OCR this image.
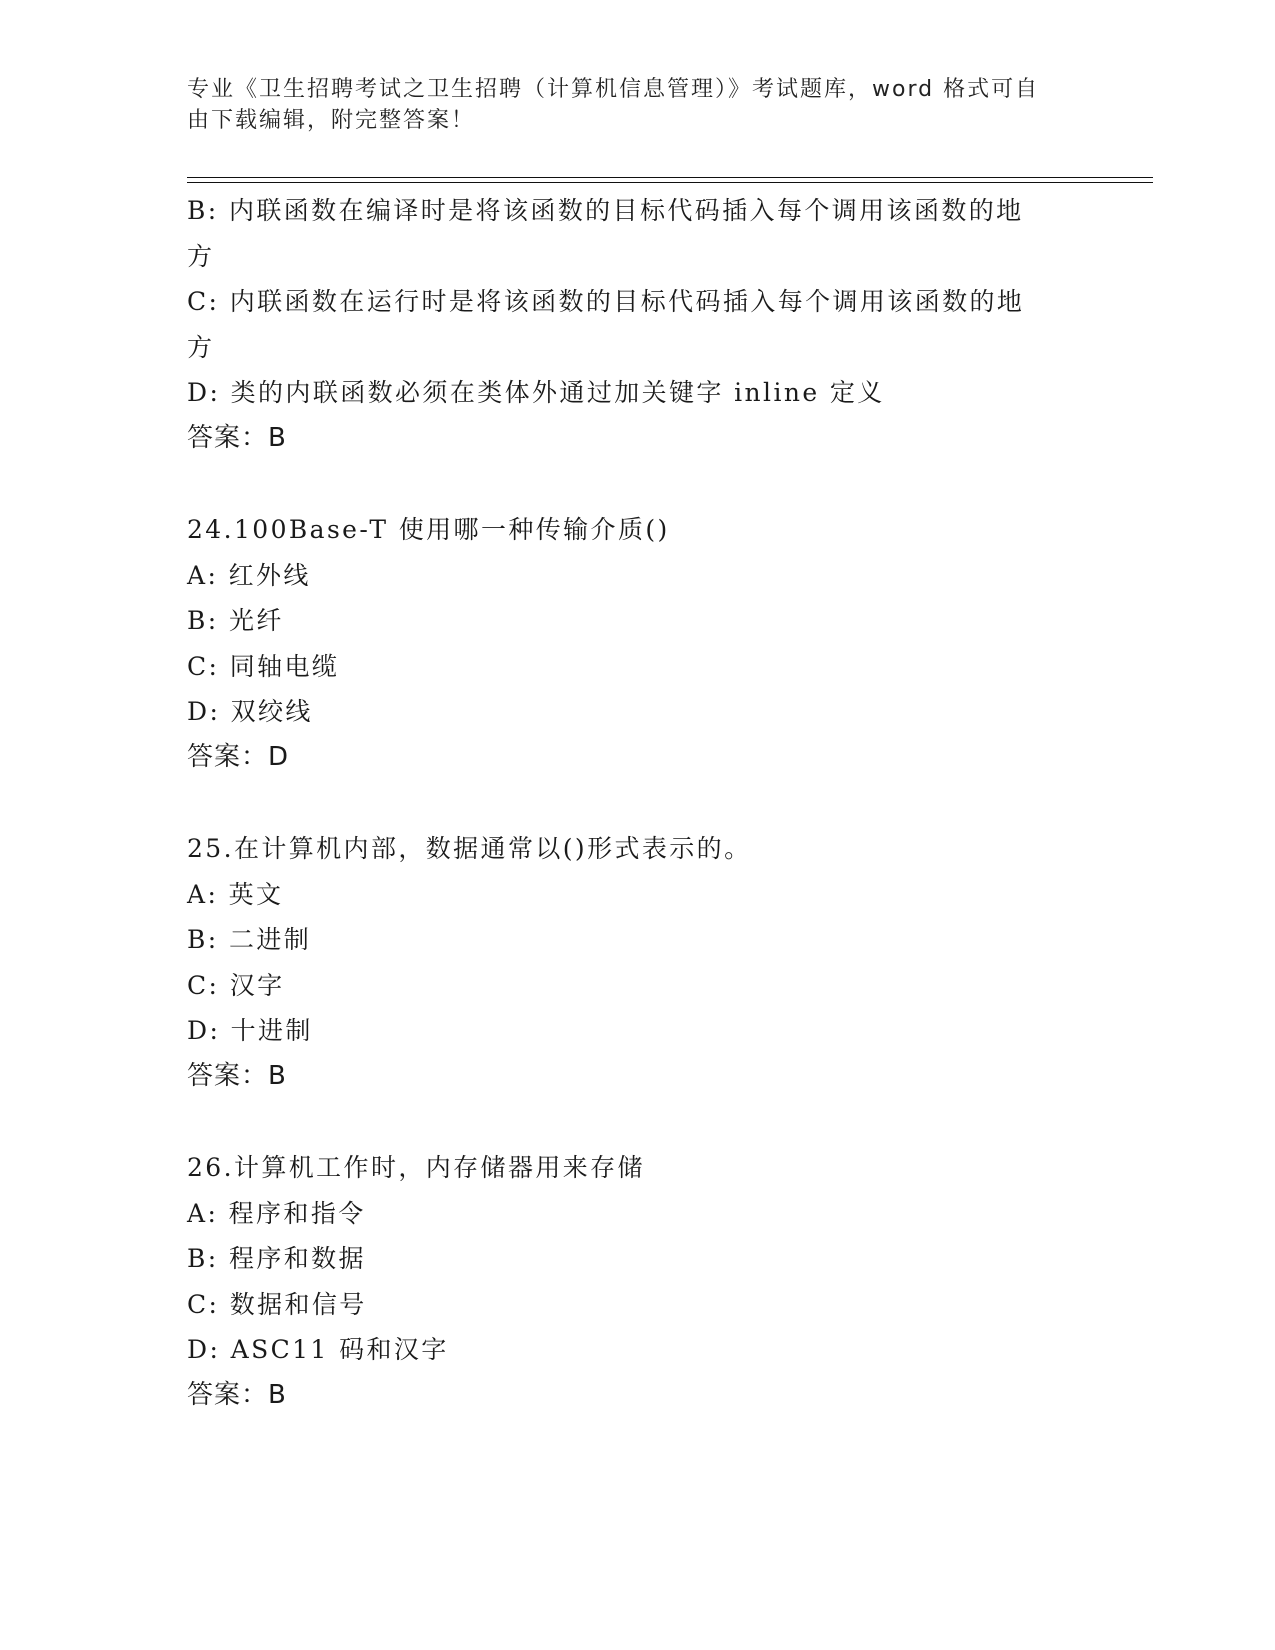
专业《卫生招聘考试之卫生招聘（计算机信息管理）》考试题库，word 格式可自
由下载编辑，附完整答案！
B: 内联函数在编译时是将该函数的目标代码插入每个调用该函数的地
方
C: 内联函数在运行时是将该函数的目标代码插入每个调用该函数的地
方
D: 类的内联函数必须在类体外通过加关键字 inline 定义
答案：B
24.100Base-T 使用哪一种传输介质()
A: 红外线
B: 光纤
C: 同轴电缆
D: 双绞线
答案：D
25.在计算机内部，数据通常以()形式表示的。
A: 英文
B: 二进制
C: 汉字
D: 十进制
答案：B
26.计算机工作时，内存储器用来存储
A: 程序和指令
B: 程序和数据
C: 数据和信号
D: ASC11 码和汉字
答案：B
